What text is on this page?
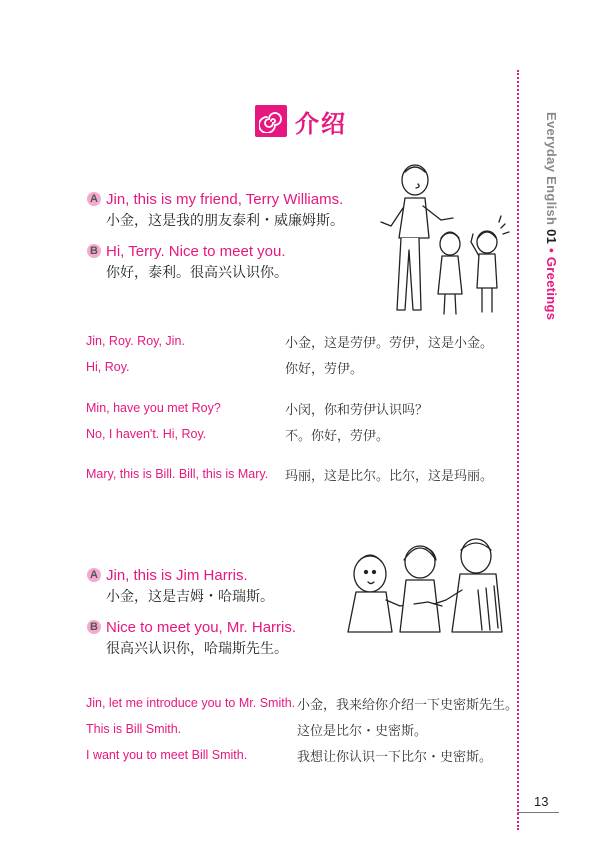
介绍	Everyday English 01 • Greetings
A Jin, this is my friend, Terry Williams.
小金，这是我的朋友泰利・威廉姆斯。
B Hi, Terry. Nice to meet you.
你好，泰利。很高兴认识你。
Jin, Roy. Roy, Jin.	小金，这是劳伊。劳伊，这是小金。
Hi, Roy.	你好，劳伊。
Min, have you met Roy?	小闵，你和劳伊认识吗？
No, I haven't. Hi, Roy.	不。你好，劳伊。
Mary, this is Bill. Bill, this is Mary. 玛丽，这是比尔。比尔，这是玛丽。
A Jin, this is Jim Harris.
小金，这是吉姆・哈瑞斯。
B Nice to meet you, Mr. Harris.
很高兴认识你，哈瑞斯先生。
Jin, let me introduce you to Mr. Smith. 小金，我来给你介绍一下史密斯先生。
This is Bill Smith.	这位是比尔・史密斯。
I want you to meet Bill Smith.	我想让你认识一下比尔・史密斯。
13
